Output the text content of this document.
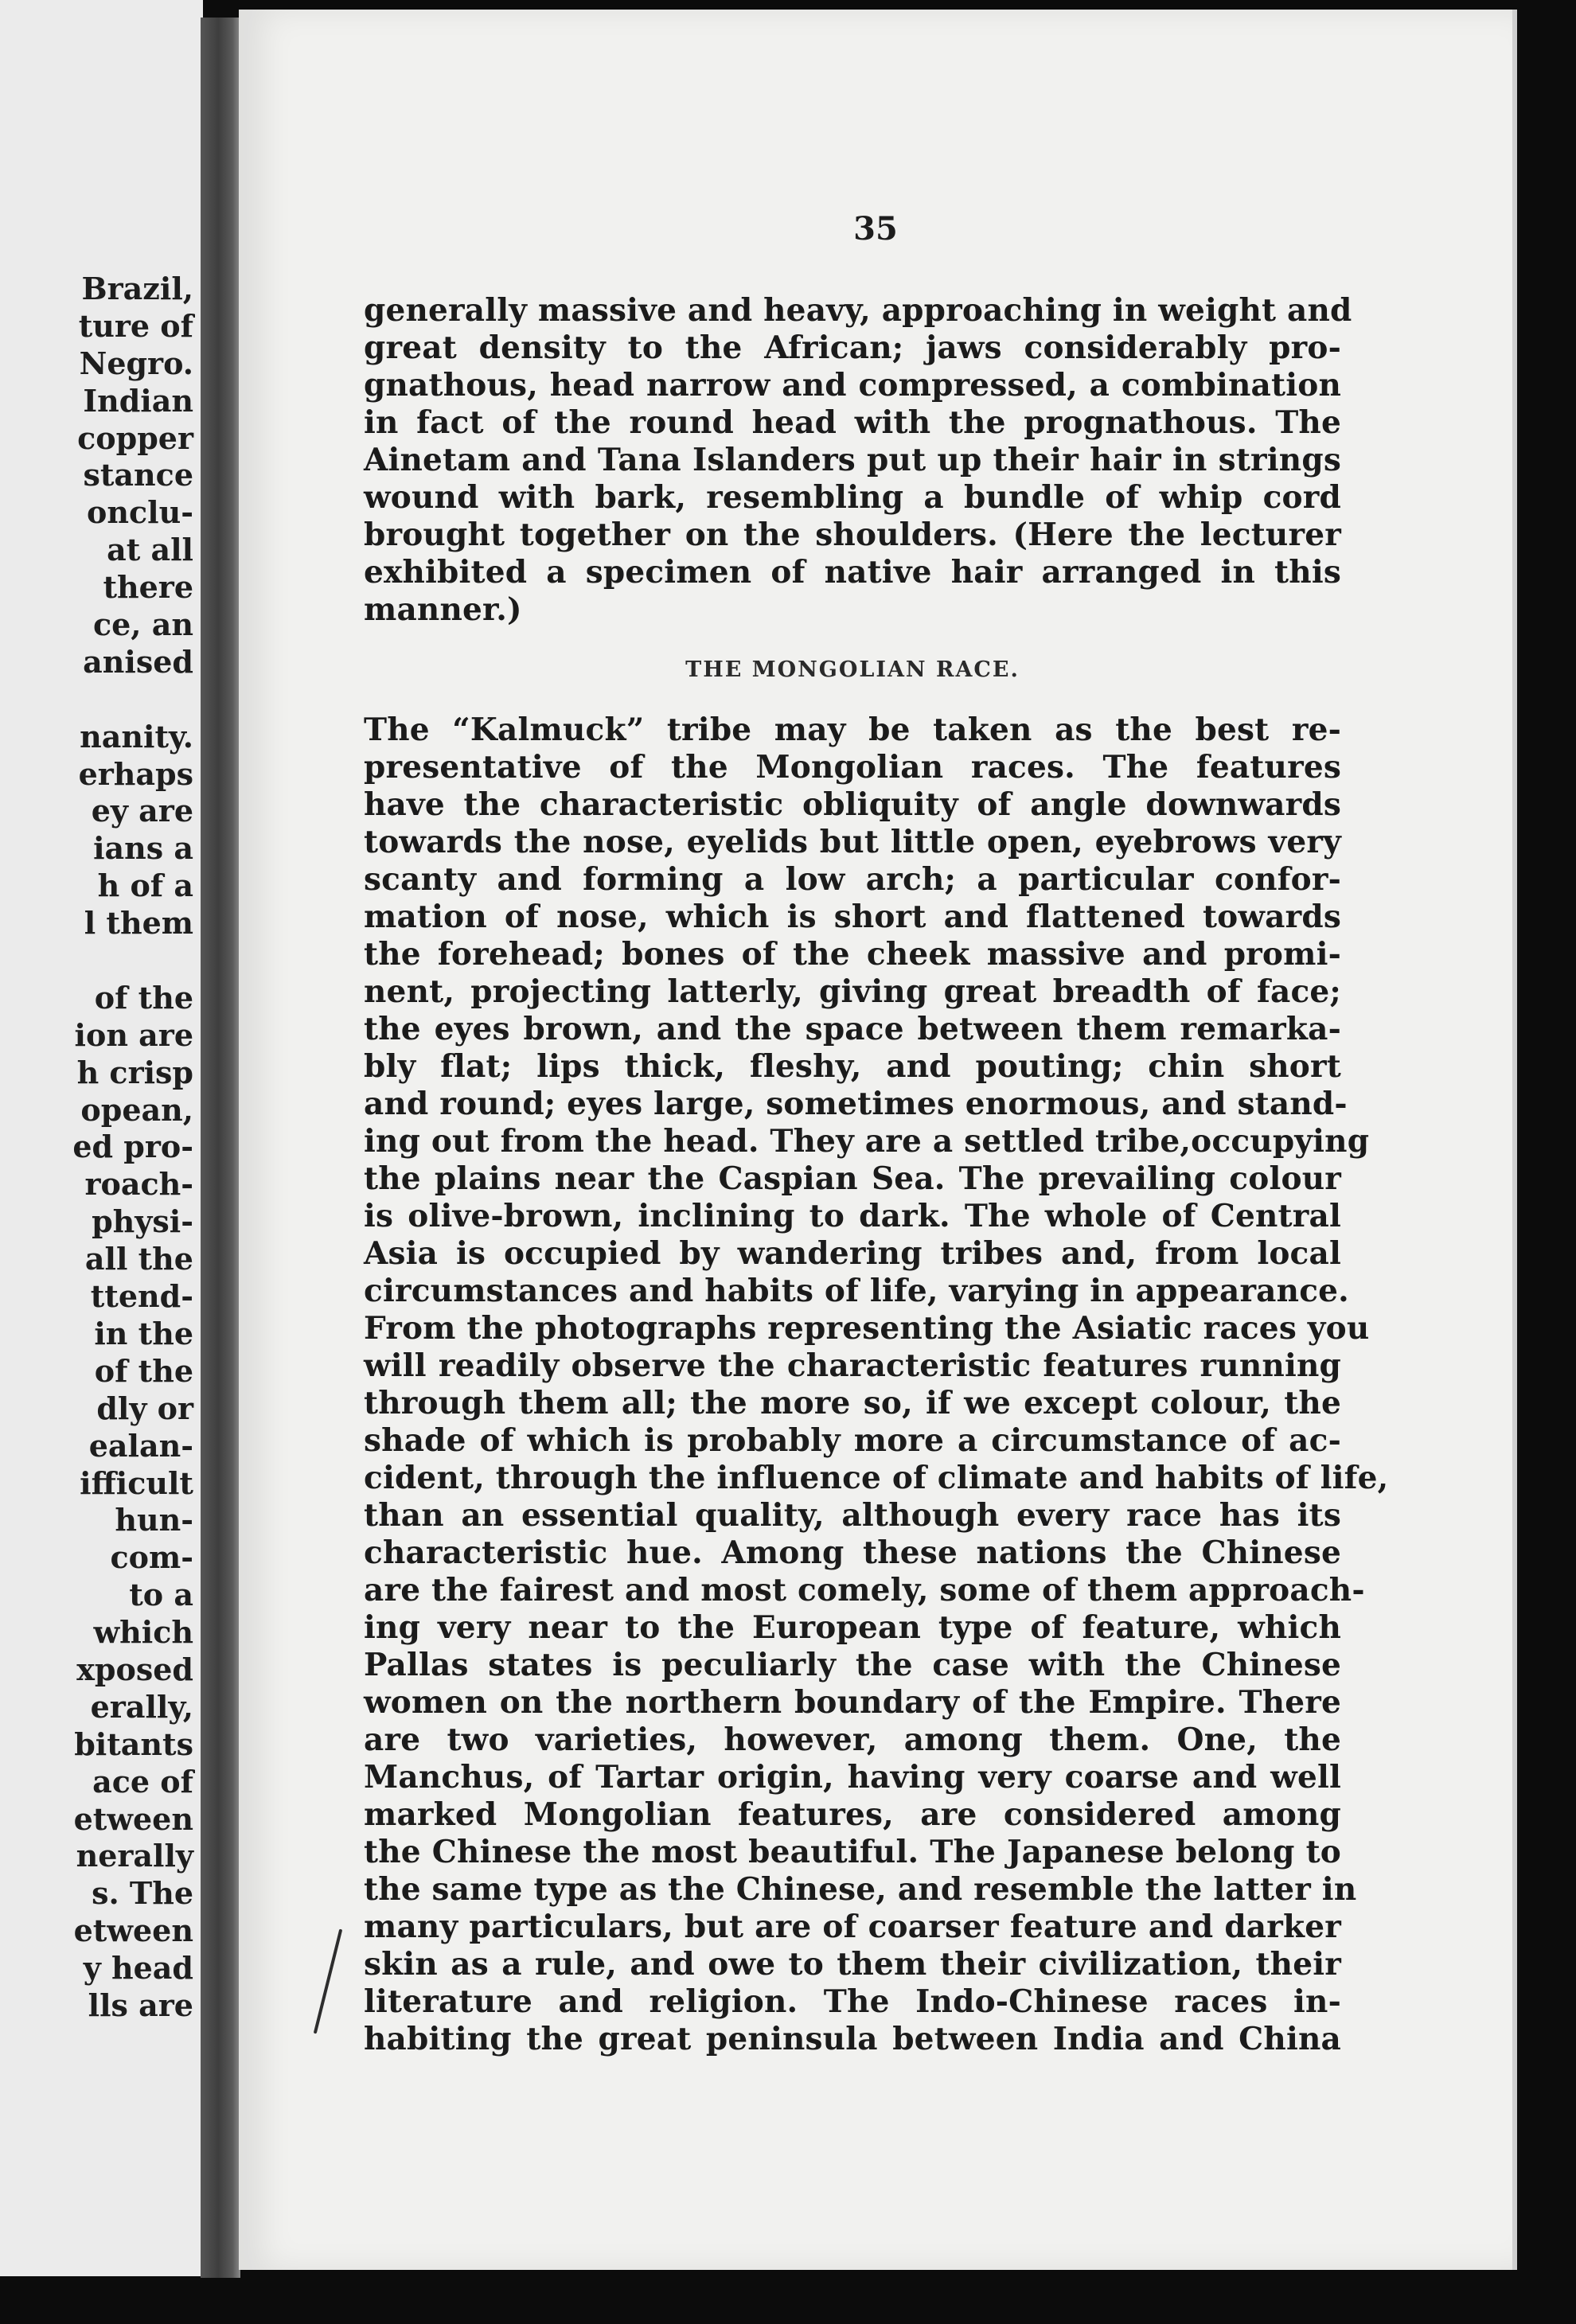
Brazil,
ture of
Negro.
Indian
copper
stance
onclu-
at all
there
ce, an
anised
nanity.
erhaps
ey are
ians a
h of a
l them
of the
ion are
h crisp
opean,
ed pro-
roach-
physi-
all the
ttend-
in the
of the
dly or
ealan-
ifficult
hun-
com-
to a
which
xposed
erally,
bitants
ace of
etween
nerally
s. The
etween
y head
lls are
35
generally massive and heavy, approaching in weight and
great density to the African; jaws considerably pro-
gnathous, head narrow and compressed, a combination
in fact of the round head with the prognathous. The
Ainetam and Tana Islanders put up their hair in strings
wound with bark, resembling a bundle of whip cord
brought together on the shoulders. (Here the lecturer
exhibited a specimen of native hair arranged in this
manner.)
THE MONGOLIAN RACE.
The “Kalmuck” tribe may be taken as the best re-
presentative of the Mongolian races. The features
have the characteristic obliquity of angle downwards
towards the nose, eyelids but little open, eyebrows very
scanty and forming a low arch; a particular confor-
mation of nose, which is short and flattened towards
the forehead; bones of the cheek massive and promi-
nent, projecting latterly, giving great breadth of face;
the eyes brown, and the space between them remarka-
bly flat; lips thick, fleshy, and pouting; chin short
and round; eyes large, sometimes enormous, and stand-
ing out from the head. They are a settled tribe,occupying
the plains near the Caspian Sea. The prevailing colour
is olive-brown, inclining to dark. The whole of Central
Asia is occupied by wandering tribes and, from local
circumstances and habits of life, varying in appearance.
From the photographs representing the Asiatic races you
will readily observe the characteristic features running
through them all; the more so, if we except colour, the
shade of which is probably more a circumstance of ac-
cident, through the influence of climate and habits of life,
than an essential quality, although every race has its
characteristic hue. Among these nations the Chinese
are the fairest and most comely, some of them approach-
ing very near to the European type of feature, which
Pallas states is peculiarly the case with the Chinese
women on the northern boundary of the Empire. There
are two varieties, however, among them. One, the
Manchus, of Tartar origin, having very coarse and well
marked Mongolian features, are considered among
the Chinese the most beautiful. The Japanese belong to
the same type as the Chinese, and resemble the latter in
many particulars, but are of coarser feature and darker
skin as a rule, and owe to them their civilization, their
literature and religion. The Indo-Chinese races in-
habiting the great peninsula between India and China
